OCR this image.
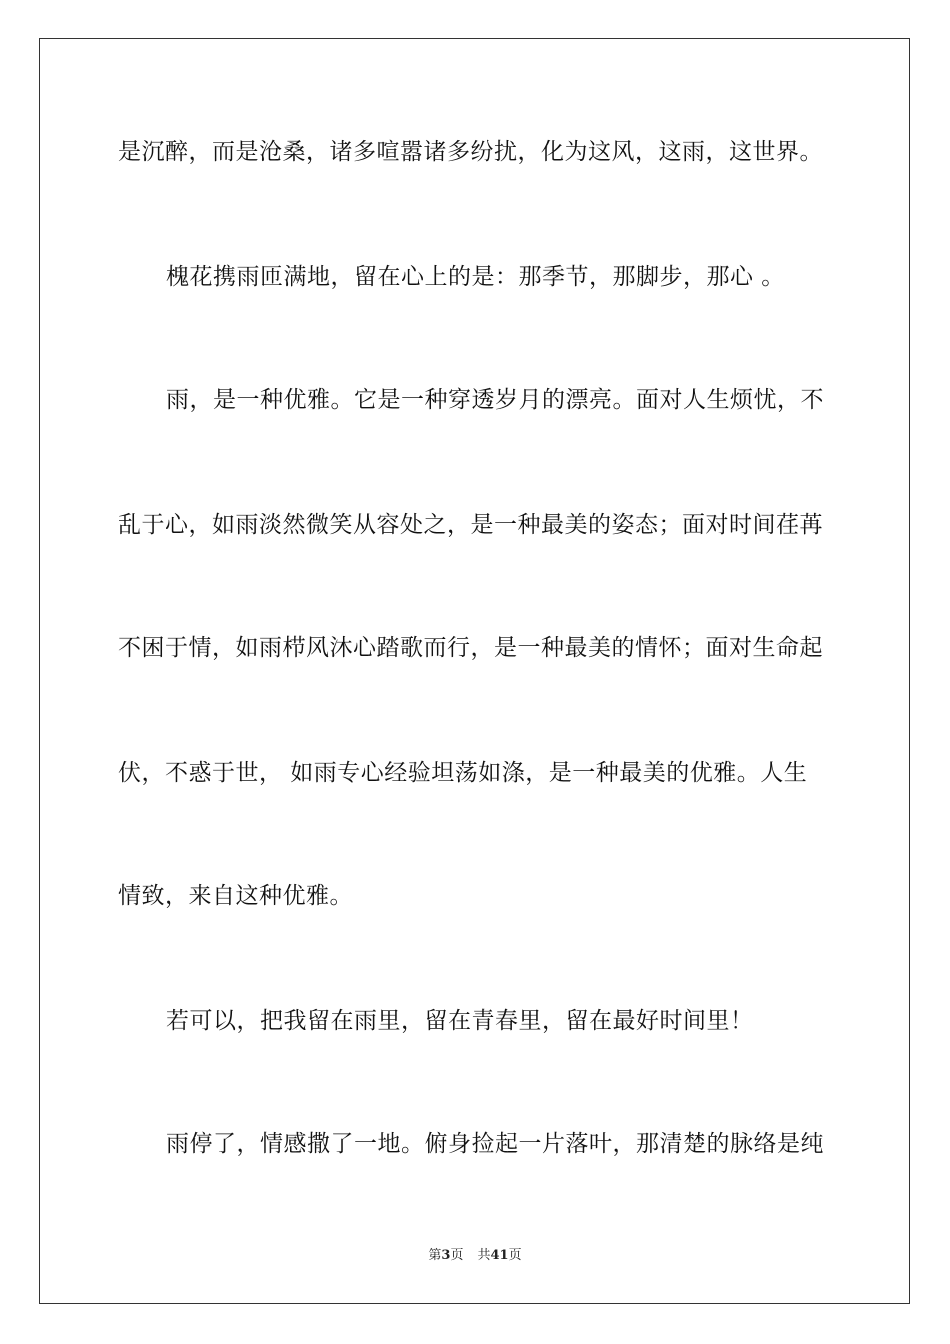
是沉醉，而是沧桑，诸多喧嚣诸多纷扰，化为这风，这雨，这世界。
槐花携雨匝满地，留在心上的是：那季节，那脚步，那心 。
雨，是一种优雅。它是一种穿透岁月的漂亮。面对人生烦忧，不
乱于心，如雨淡然微笑从容处之，是一种最美的姿态；面对时间荏苒
不困于情，如雨栉风沐心踏歌而行，是一种最美的情怀；面对生命起
伏，不惑于世， 如雨专心经验坦荡如涤，是一种最美的优雅。人生
情致，来自这种优雅。
若可以，把我留在雨里，留在青春里，留在最好时间里！
雨停了，情感撒了一地。俯身捡起一片落叶，那清楚的脉络是纯
第3页 共41页
